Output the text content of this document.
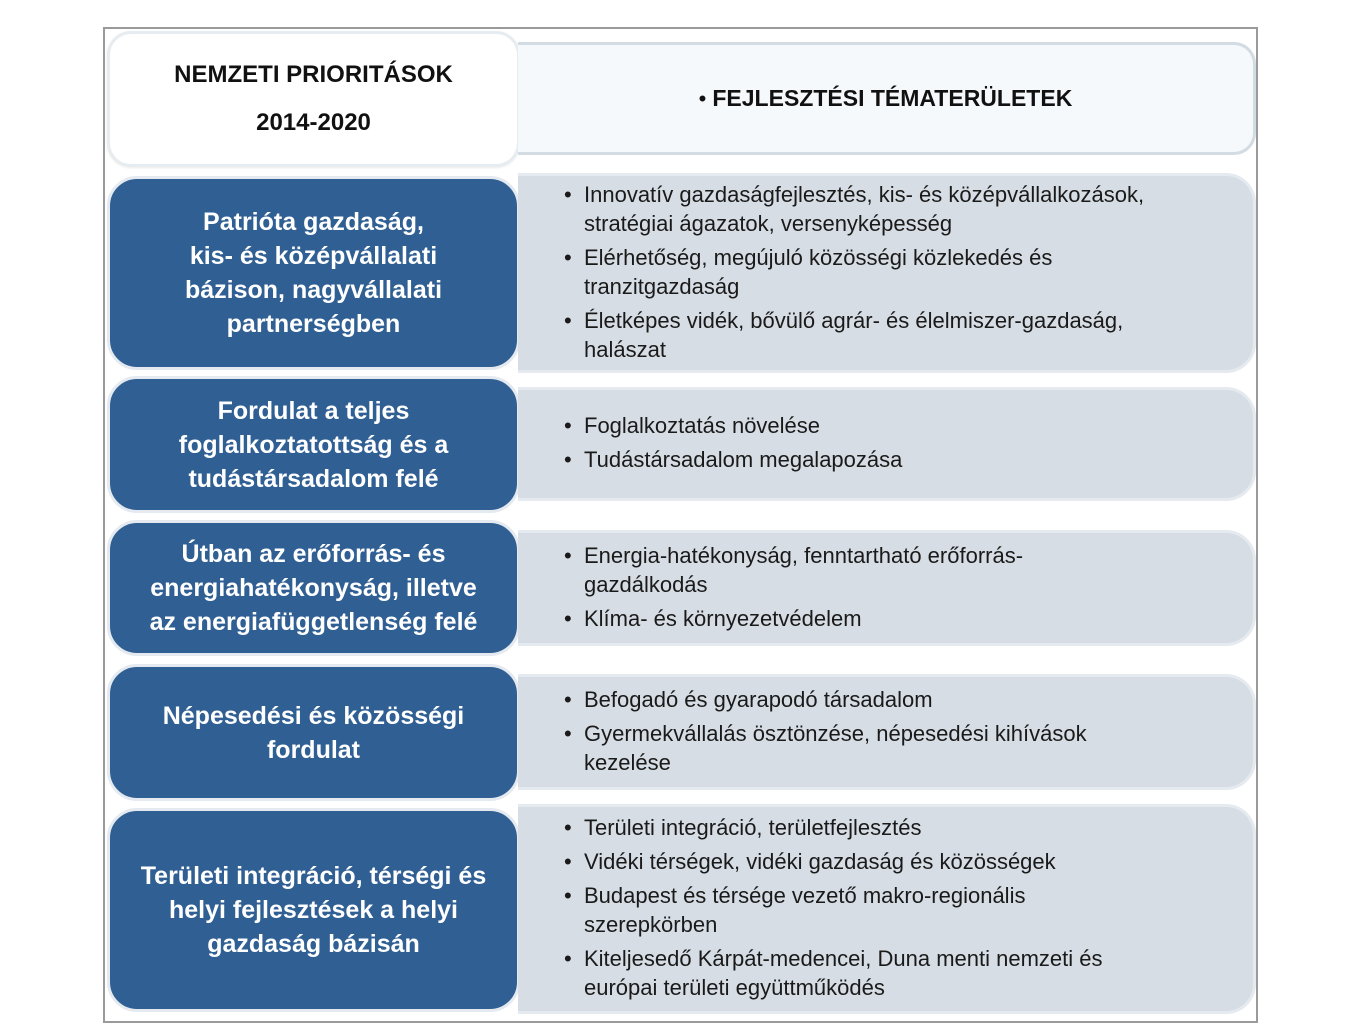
NEMZETI PRIORITÁSOK
2014-2020
• FEJLESZTÉSI TÉMATERÜLETEK
Patrióta gazdaság,
kis- és középvállalati
bázison, nagyvállalati
partnerségben
• Innovatív gazdaságfejlesztés, kis- és középvállalkozások,
stratégiai ágazatok, versenyképesség
• Elérhetőség, megújuló közösségi közlekedés és
tranzitgazdaság
• Életképes vidék, bővülő agrár- és élelmiszer-gazdaság,
halászat
Fordulat a teljes
foglalkoztatottság és a
tudástársadalom felé
• Foglalkoztatás növelése
• Tudástársadalom megalapozása
Útban az erőforrás- és
energiahatékonyság, illetve
az energiafüggetlenség felé
• Energia-hatékonyság, fenntartható erőforrás-
gazdálkodás
• Klíma- és környezetvédelem
Népesedési és közösségi
fordulat
• Befogadó és gyarapodó társadalom
• Gyermekvállalás ösztönzése, népesedési kihívások
kezelése
Területi integráció, térségi és
helyi fejlesztések a helyi
gazdaság bázisán
• Területi integráció, területfejlesztés
• Vidéki térségek, vidéki gazdaság és közösségek
• Budapest és térsége vezető makro-regionális
szerepkörben
• Kiteljesedő Kárpát-medencei, Duna menti nemzeti és
európai területi együttműködés
